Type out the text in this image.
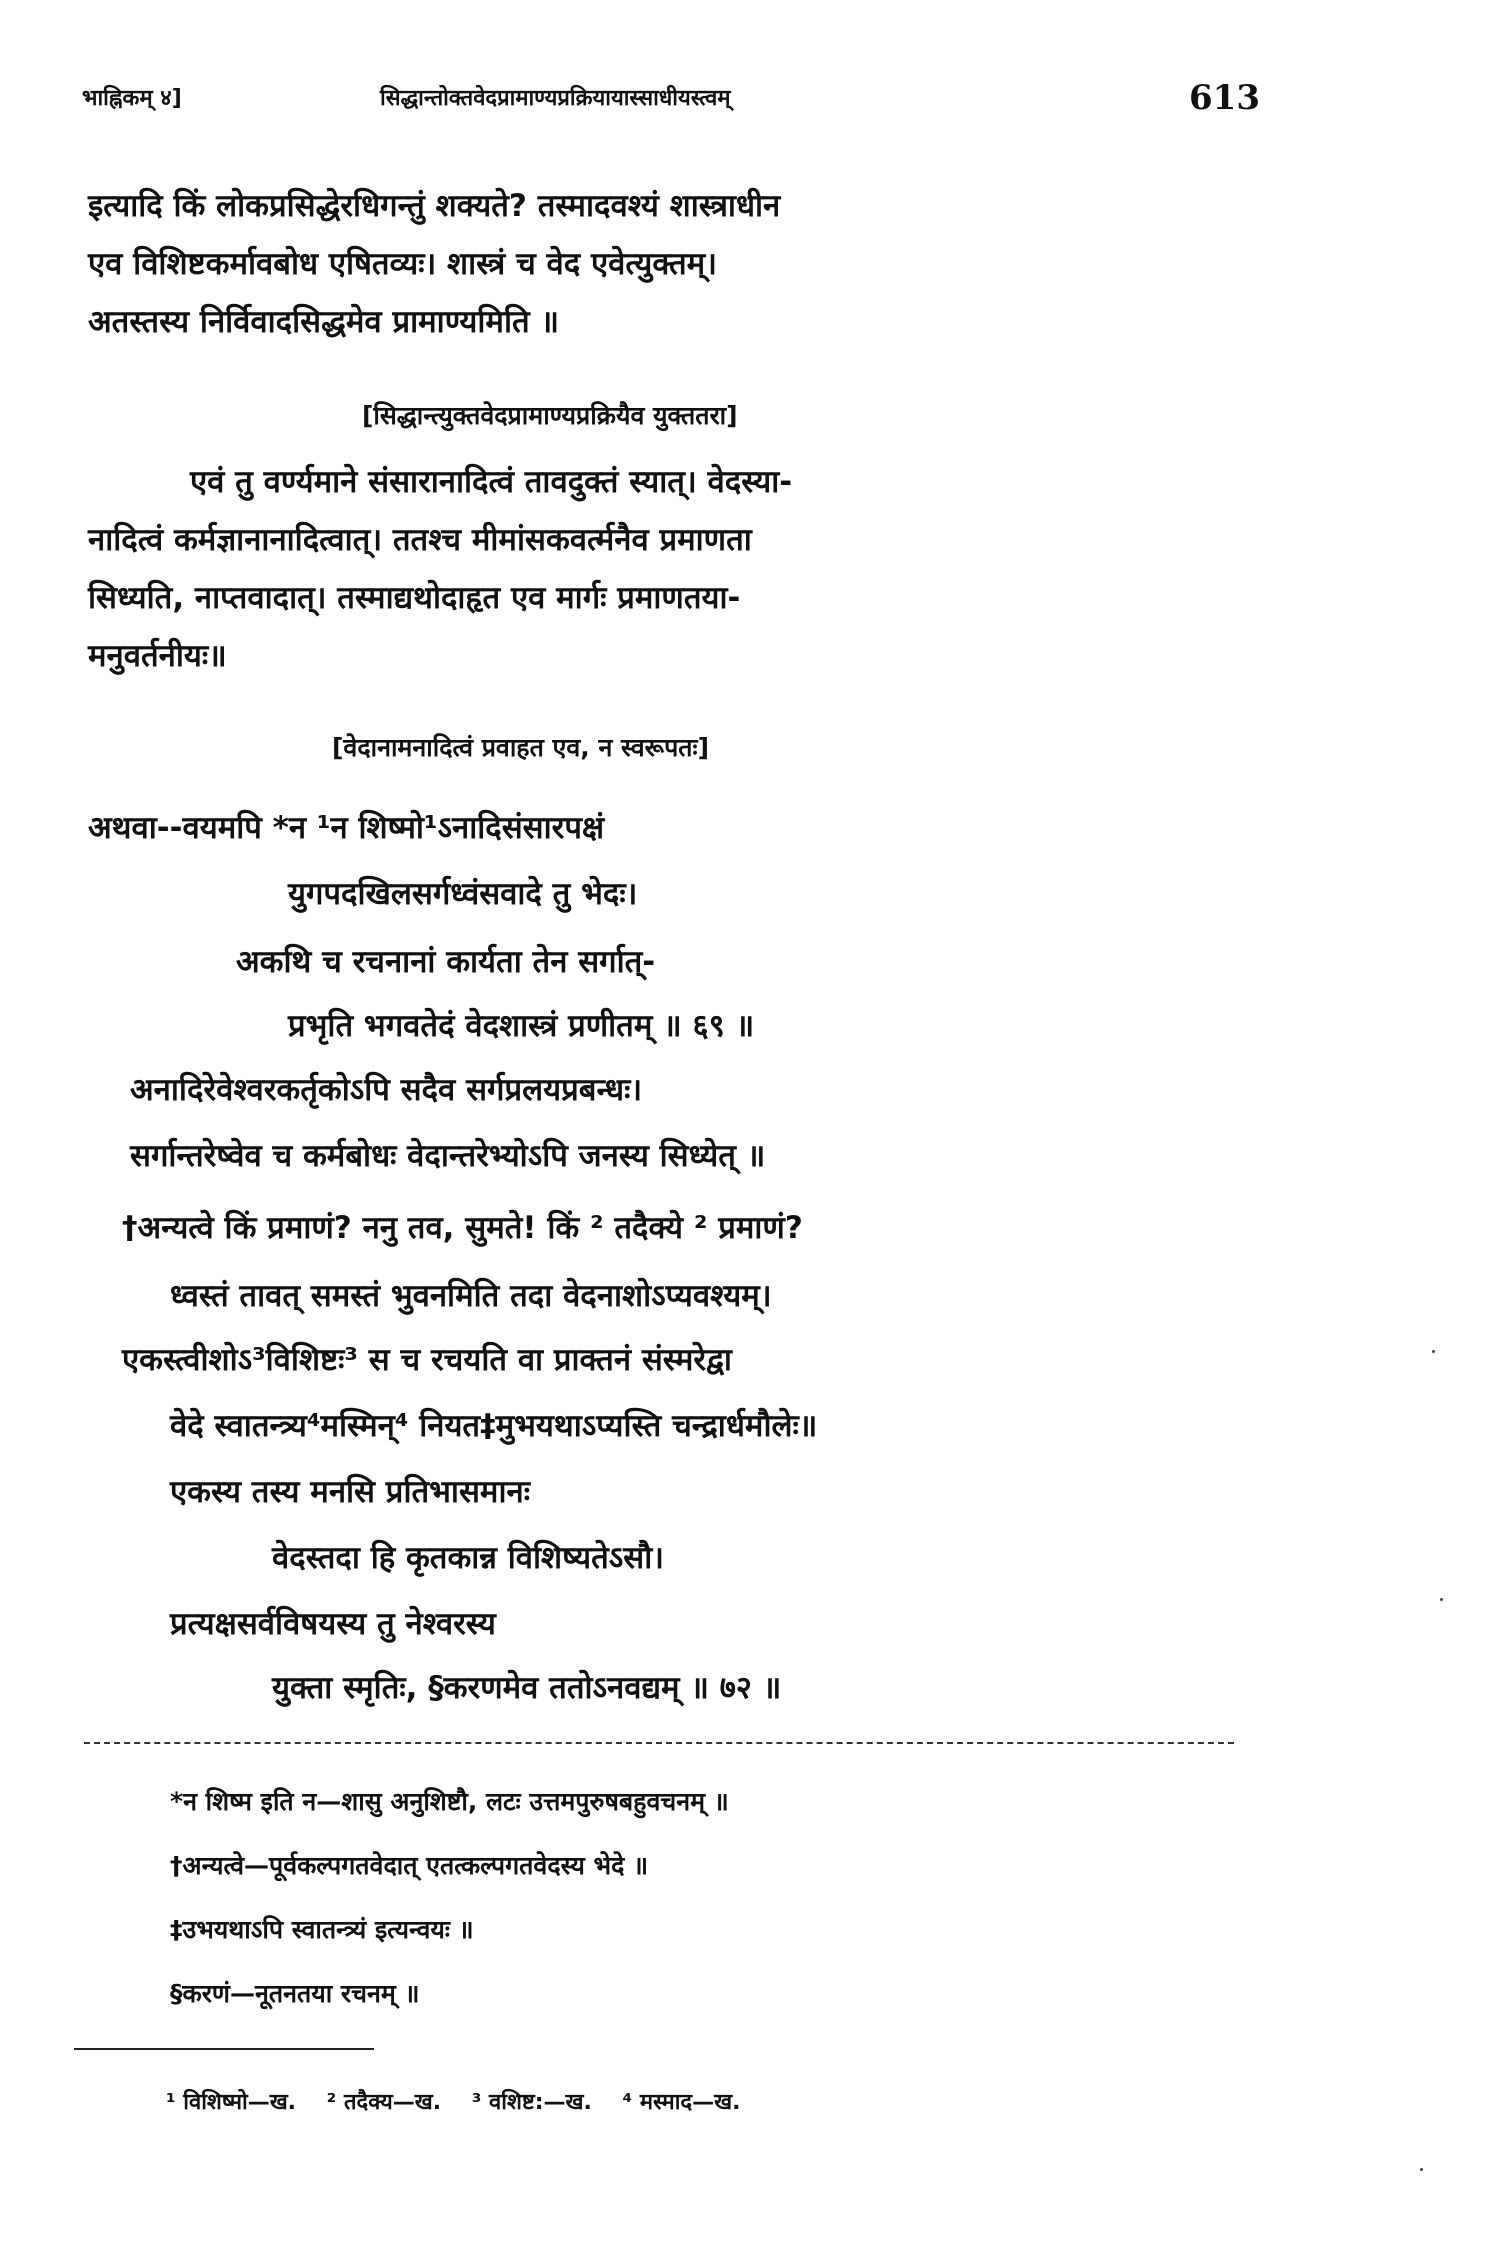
भाह्निकम् ४]	सिद्धान्तोक्तवेदप्रामाण्यप्रक्रियायास्साधीयस्त्वम्	613
इत्यादि किं लोकप्रसिद्धेरधिगन्तुं शक्यते? तस्मादवश्यं शास्त्राधीन
एव विशिष्टकर्मावबोध एषितव्यः। शास्त्रं च वेद एवेत्युक्तम्।
अतस्तस्य निर्विवादसिद्धमेव प्रामाण्यमिति ॥
[सिद्धान्त्युक्तवेदप्रामाण्यप्रक्रियैव युक्ततरा]
एवं तु वर्ण्यमाने संसारानादित्वं तावदुक्तं स्यात्। वेदस्या-
नादित्वं कर्मज्ञानानादित्वात्। ततश्च मीमांसकवर्त्मनैव प्रमाणता
सिध्यति, नाप्तवादात्। तस्माद्यथोदाहृत एव मार्गः प्रमाणतया-
मनुवर्तनीयः॥
[वेदानामनादित्वं प्रवाहत एव, न स्वरूपतः]
अथवा--वयमपि *न ¹न शिष्मो¹ऽनादिसंसारपक्षं
युगपदखिलसर्गध्वंसवादे तु भेदः।
अकथि च रचनानां कार्यता तेन सर्गात्-
प्रभृति भगवतेदं वेदशास्त्रं प्रणीतम् ॥ ६९ ॥
अनादिरेवेश्वरकर्तृकोऽपि सदैव सर्गप्रलयप्रबन्धः।
सर्गान्तरेष्वेव च कर्मबोधः वेदान्तरेभ्योऽपि जनस्य सिध्येत् ॥
†अन्यत्वे किं प्रमाणं? ननु तव, सुमते! किं ² तदैक्ये ² प्रमाणं?
ध्वस्तं तावत् समस्तं भुवनमिति तदा वेदनाशोऽप्यवश्यम्।
एकस्त्वीशोऽ³विशिष्टः³ स च रचयति वा प्राक्तनं संस्मरेद्वा
वेदे स्वातन्त्र्य⁴मस्मिन्⁴ नियत‡मुभयथाऽप्यस्ति चन्द्रार्धमौलेः॥
एकस्य तस्य मनसि प्रतिभासमानः
वेदस्तदा हि कृतकान्न विशिष्यतेऽसौ।
प्रत्यक्षसर्वविषयस्य तु नेश्वरस्य
युक्ता स्मृतिः, §करणमेव ततोऽनवद्यम् ॥ ७२ ॥
*न शिष्म इति न—शासु अनुशिष्टौ, लटः उत्तमपुरुषबहुवचनम् ॥
†अन्यत्वे—पूर्वकल्पगतवेदात् एतत्कल्पगतवेदस्य भेदे ॥
‡उभयथाऽपि स्वातन्त्र्यं इत्यन्वयः ॥
§करणं—नूतनतया रचनम् ॥
¹ विशिष्मो—ख.    ² तदैक्य—ख.    ³ वशिष्ट:—ख.    ⁴ मस्माद—ख.
